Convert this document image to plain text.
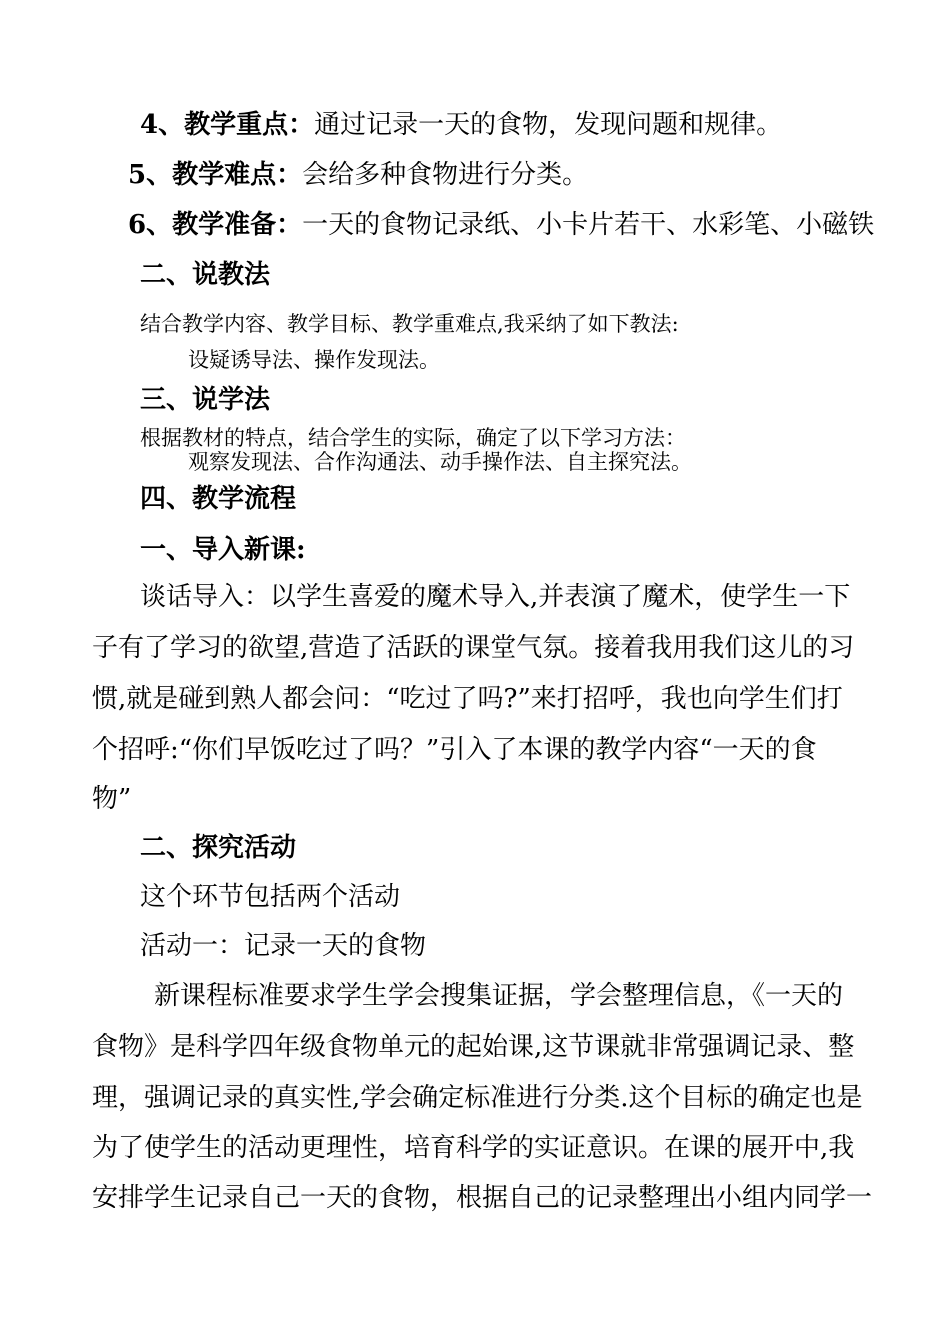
4、教学重点：通过记录一天的食物，发现问题和规律。
5、教学难点：会给多种食物进行分类。
6、教学准备：一天的食物记录纸、小卡片若干、水彩笔、小磁铁
二、说教法
结合教学内容、教学目标、教学重难点,我采纳了如下教法:
设疑诱导法、操作发现法。
三、说学法
根据教材的特点，结合学生的实际，确定了以下学习方法：
观察发现法、合作沟通法、动手操作法、自主探究法。
四、教学流程
一、导入新课:
谈话导入：以学生喜爱的魔术导入,并表演了魔术，使学生一下
子有了学习的欲望,营造了活跃的课堂气氛。接着我用我们这儿的习
惯,就是碰到熟人都会问：“吃过了吗?”来打招呼，我也向学生们打
个招呼:“你们早饭吃过了吗？”引入了本课的教学内容“一天的食
物”
二、探究活动
这个环节包括两个活动
活动一：记录一天的食物
新课程标准要求学生学会搜集证据，学会整理信息，《一天的
食物》是科学四年级食物单元的起始课,这节课就非常强调记录、整
理，强调记录的真实性,学会确定标准进行分类.这个目标的确定也是
为了使学生的活动更理性，培育科学的实证意识。在课的展开中,我
安排学生记录自己一天的食物，根据自己的记录整理出小组内同学一
